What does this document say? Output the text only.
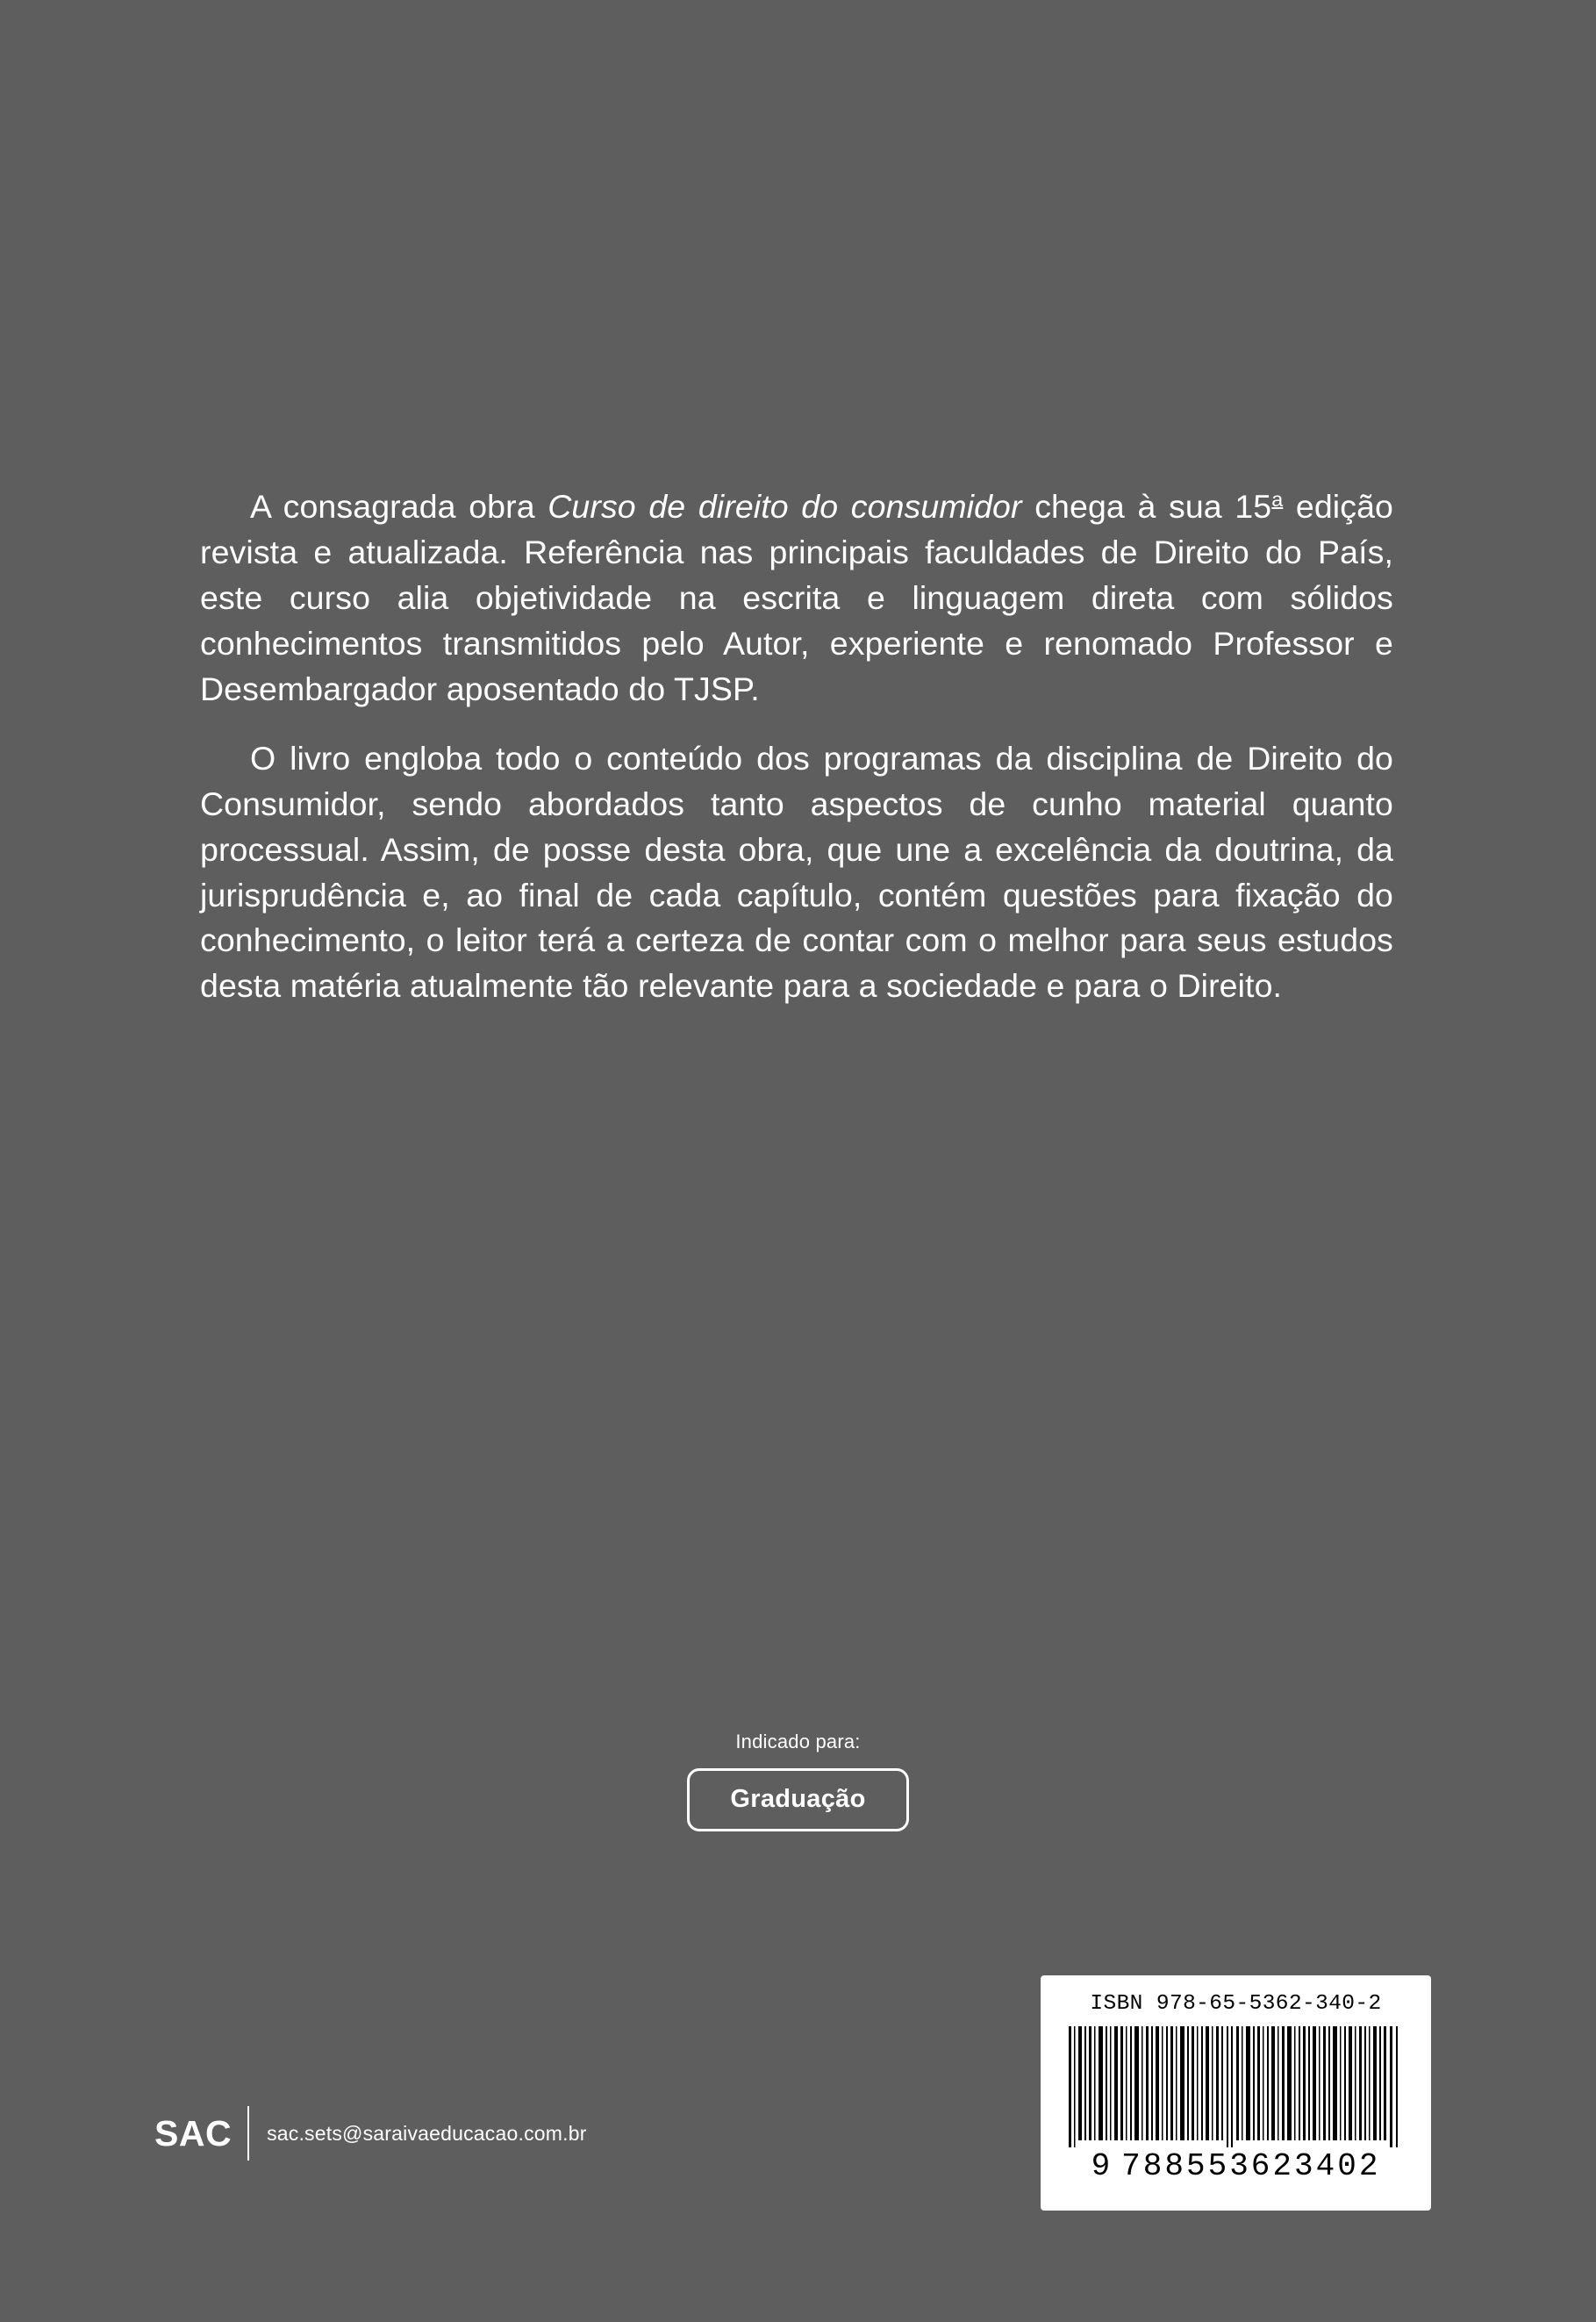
A consagrada obra Curso de direito do consumidor chega à sua 15$^a$ edição revista e atualizada. Referência nas principais faculdades de Direito do País, este curso alia objetividade na escrita e linguagem direta com sólidos conhecimentos transmitidos pelo Autor, experiente e renomado Professor e Desembargador aposentado do TJSP.

O livro engloba todo o conteúdo dos programas da disciplina de Direito do Consumidor, sendo abordados tanto aspectos de cunho material quanto processual. Assim, de posse desta obra, que une a excelência da doutrina, da jurisprudência e, ao final de cada capítulo, contém questões para fixação do conhecimento, o leitor terá a certeza de contar com o melhor para seus estudos desta matéria atualmente tão relevante para a sociedade e para o Direito.

Indicado para:
Graduação
SAC	sac.sets@saraivaeducacao.com.br
ISBN 978-65-5362-340-2
9 788553623402
